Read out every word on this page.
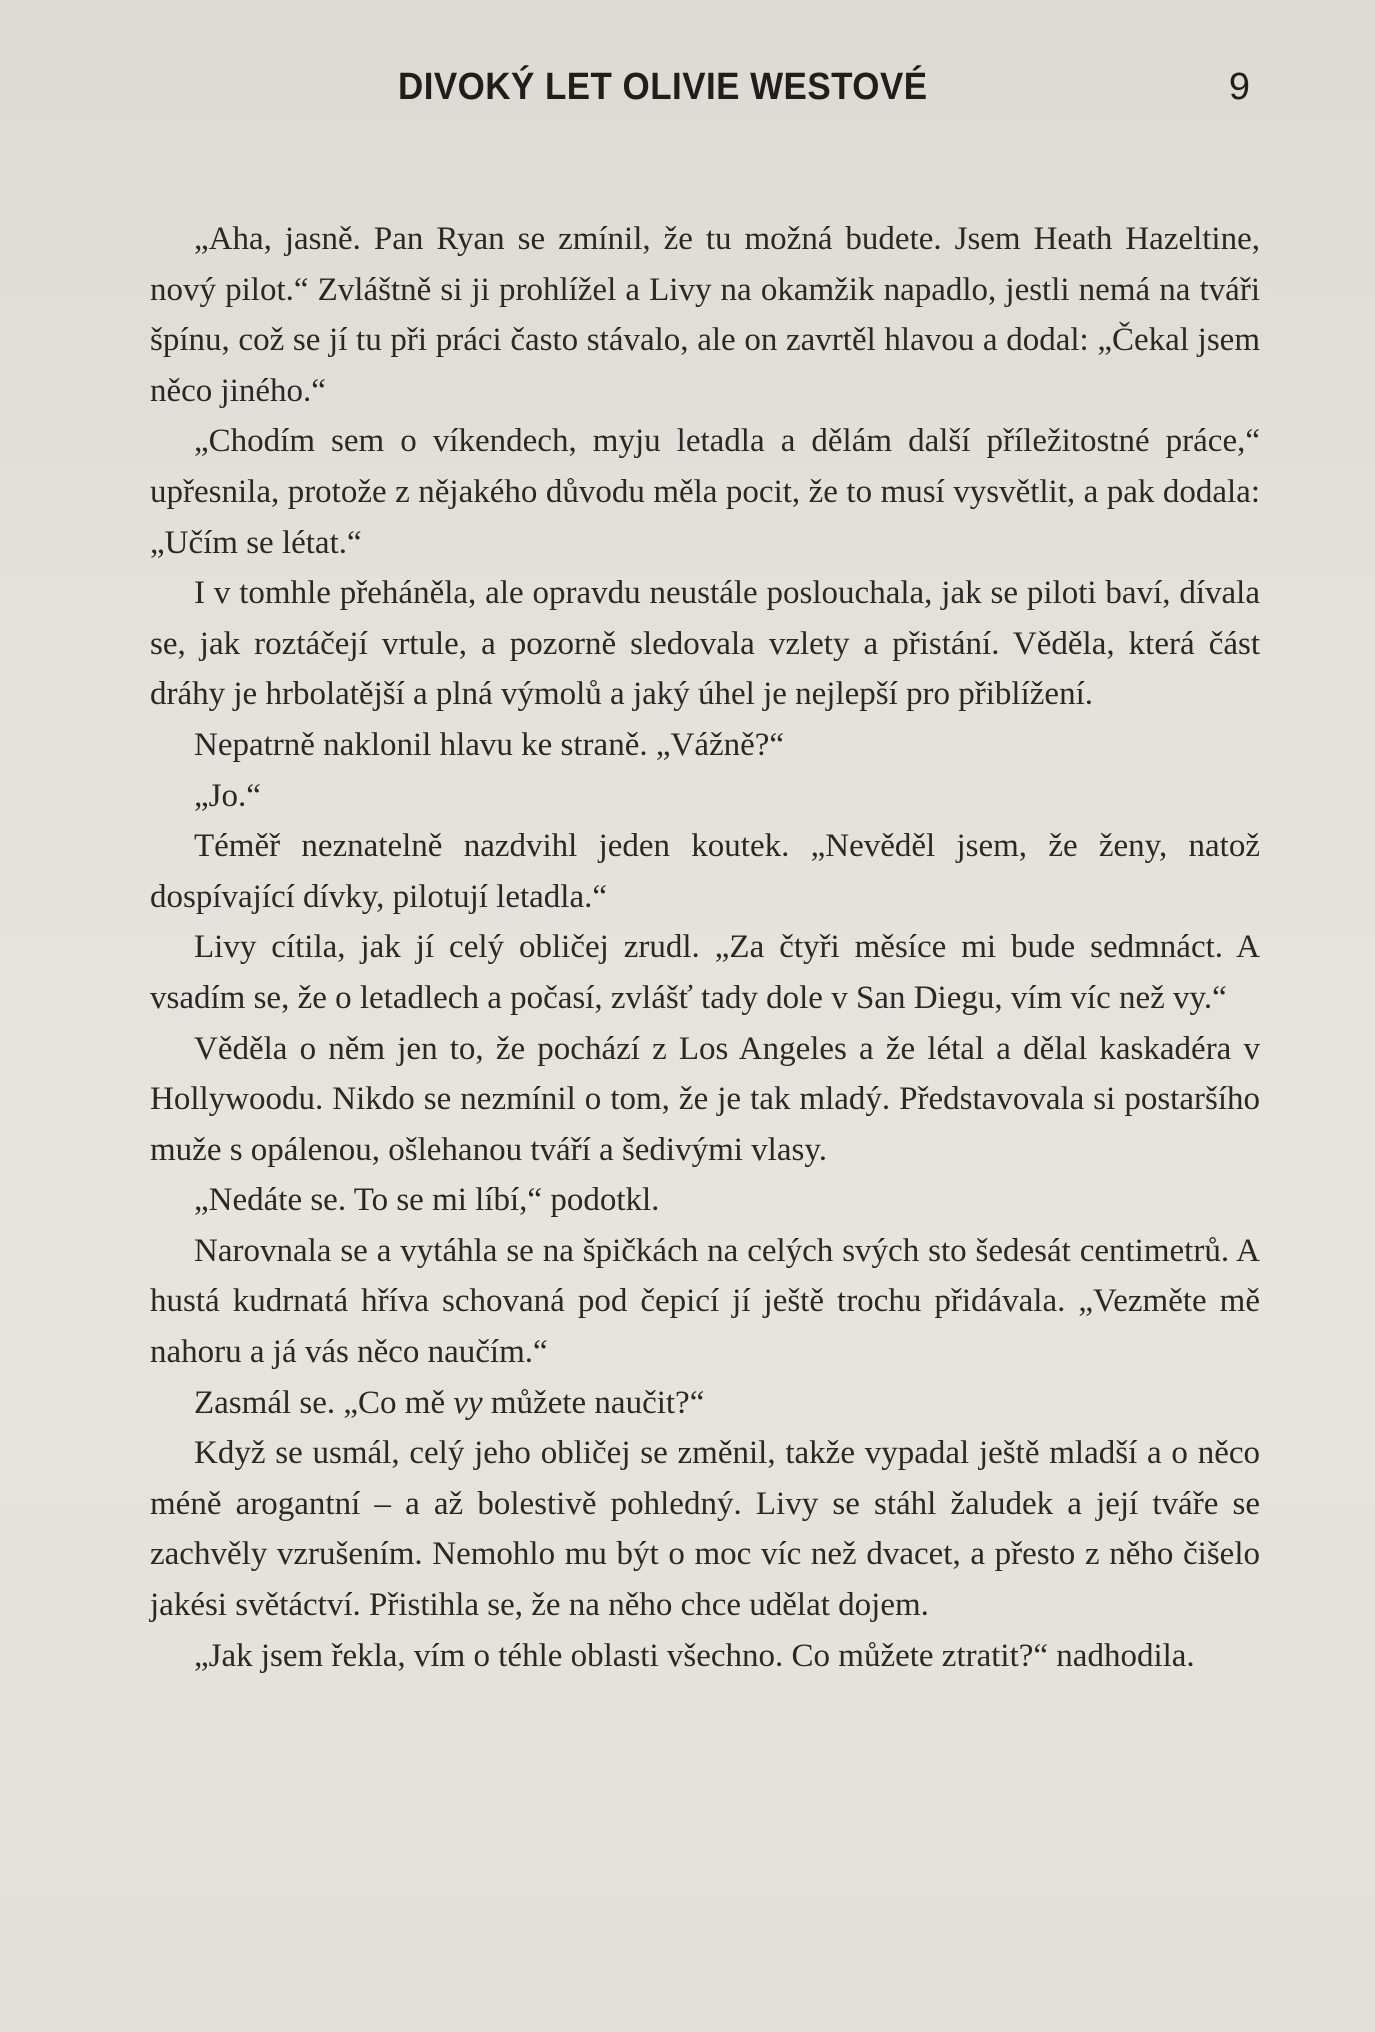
DIVOKÝ LET OLIVIE WESTOVÉ	9

„Aha, jasně. Pan Ryan se zmínil, že tu možná budete. Jsem Heath Hazeltine, nový pilot.“ Zvláštně si ji prohlížel a Livy na okamžik napadlo, jestli nemá na tváři špínu, což se jí tu při práci často stávalo, ale on zavrtěl hlavou a dodal: „Čekal jsem něco jiného.“

„Chodím sem o víkendech, myju letadla a dělám další příležitostné práce,“ upřesnila, protože z nějakého důvodu měla pocit, že to musí vysvětlit, a pak dodala: „Učím se létat.“

I v tomhle přeháněla, ale opravdu neustále poslouchala, jak se piloti baví, dívala se, jak roztáčejí vrtule, a pozorně sledovala vzlety a přistání. Věděla, která část dráhy je hrbolatější a plná výmolů a jaký úhel je nejlepší pro přiblížení.

Nepatrně naklonil hlavu ke straně. „Vážně?“

„Jo.“

Téměř neznatelně nazdvihl jeden koutek. „Nevěděl jsem, že ženy, natož dospívající dívky, pilotují letadla.“

Livy cítila, jak jí celý obličej zrudl. „Za čtyři měsíce mi bude sedmnáct. A vsadím se, že o letadlech a počasí, zvlášť tady dole v San Diegu, vím víc než vy.“

Věděla o něm jen to, že pochází z Los Angeles a že létal a dělal kaskadéra v Hollywoodu. Nikdo se nezmínil o tom, že je tak mladý. Představovala si postaršího muže s opálenou, ošlehanou tváří a šedivými vlasy.

„Nedáte se. To se mi líbí,“ podotkl.

Narovnala se a vytáhla se na špičkách na celých svých sto šedesát centimetrů. A hustá kudrnatá hříva schovaná pod čepicí jí ještě trochu přidávala. „Vezměte mě nahoru a já vás něco naučím.“

Zasmál se. „Co mě vy můžete naučit?“

Když se usmál, celý jeho obličej se změnil, takže vypadal ještě mladší a o něco méně arogantní – a až bolestivě pohledný. Livy se stáhl žaludek a její tváře se zachvěly vzrušením. Nemohlo mu být o moc víc než dvacet, a přesto z něho čišelo jakési světáctví. Přistihla se, že na něho chce udělat dojem.

„Jak jsem řekla, vím o téhle oblasti všechno. Co můžete ztratit?“ nadhodila.
